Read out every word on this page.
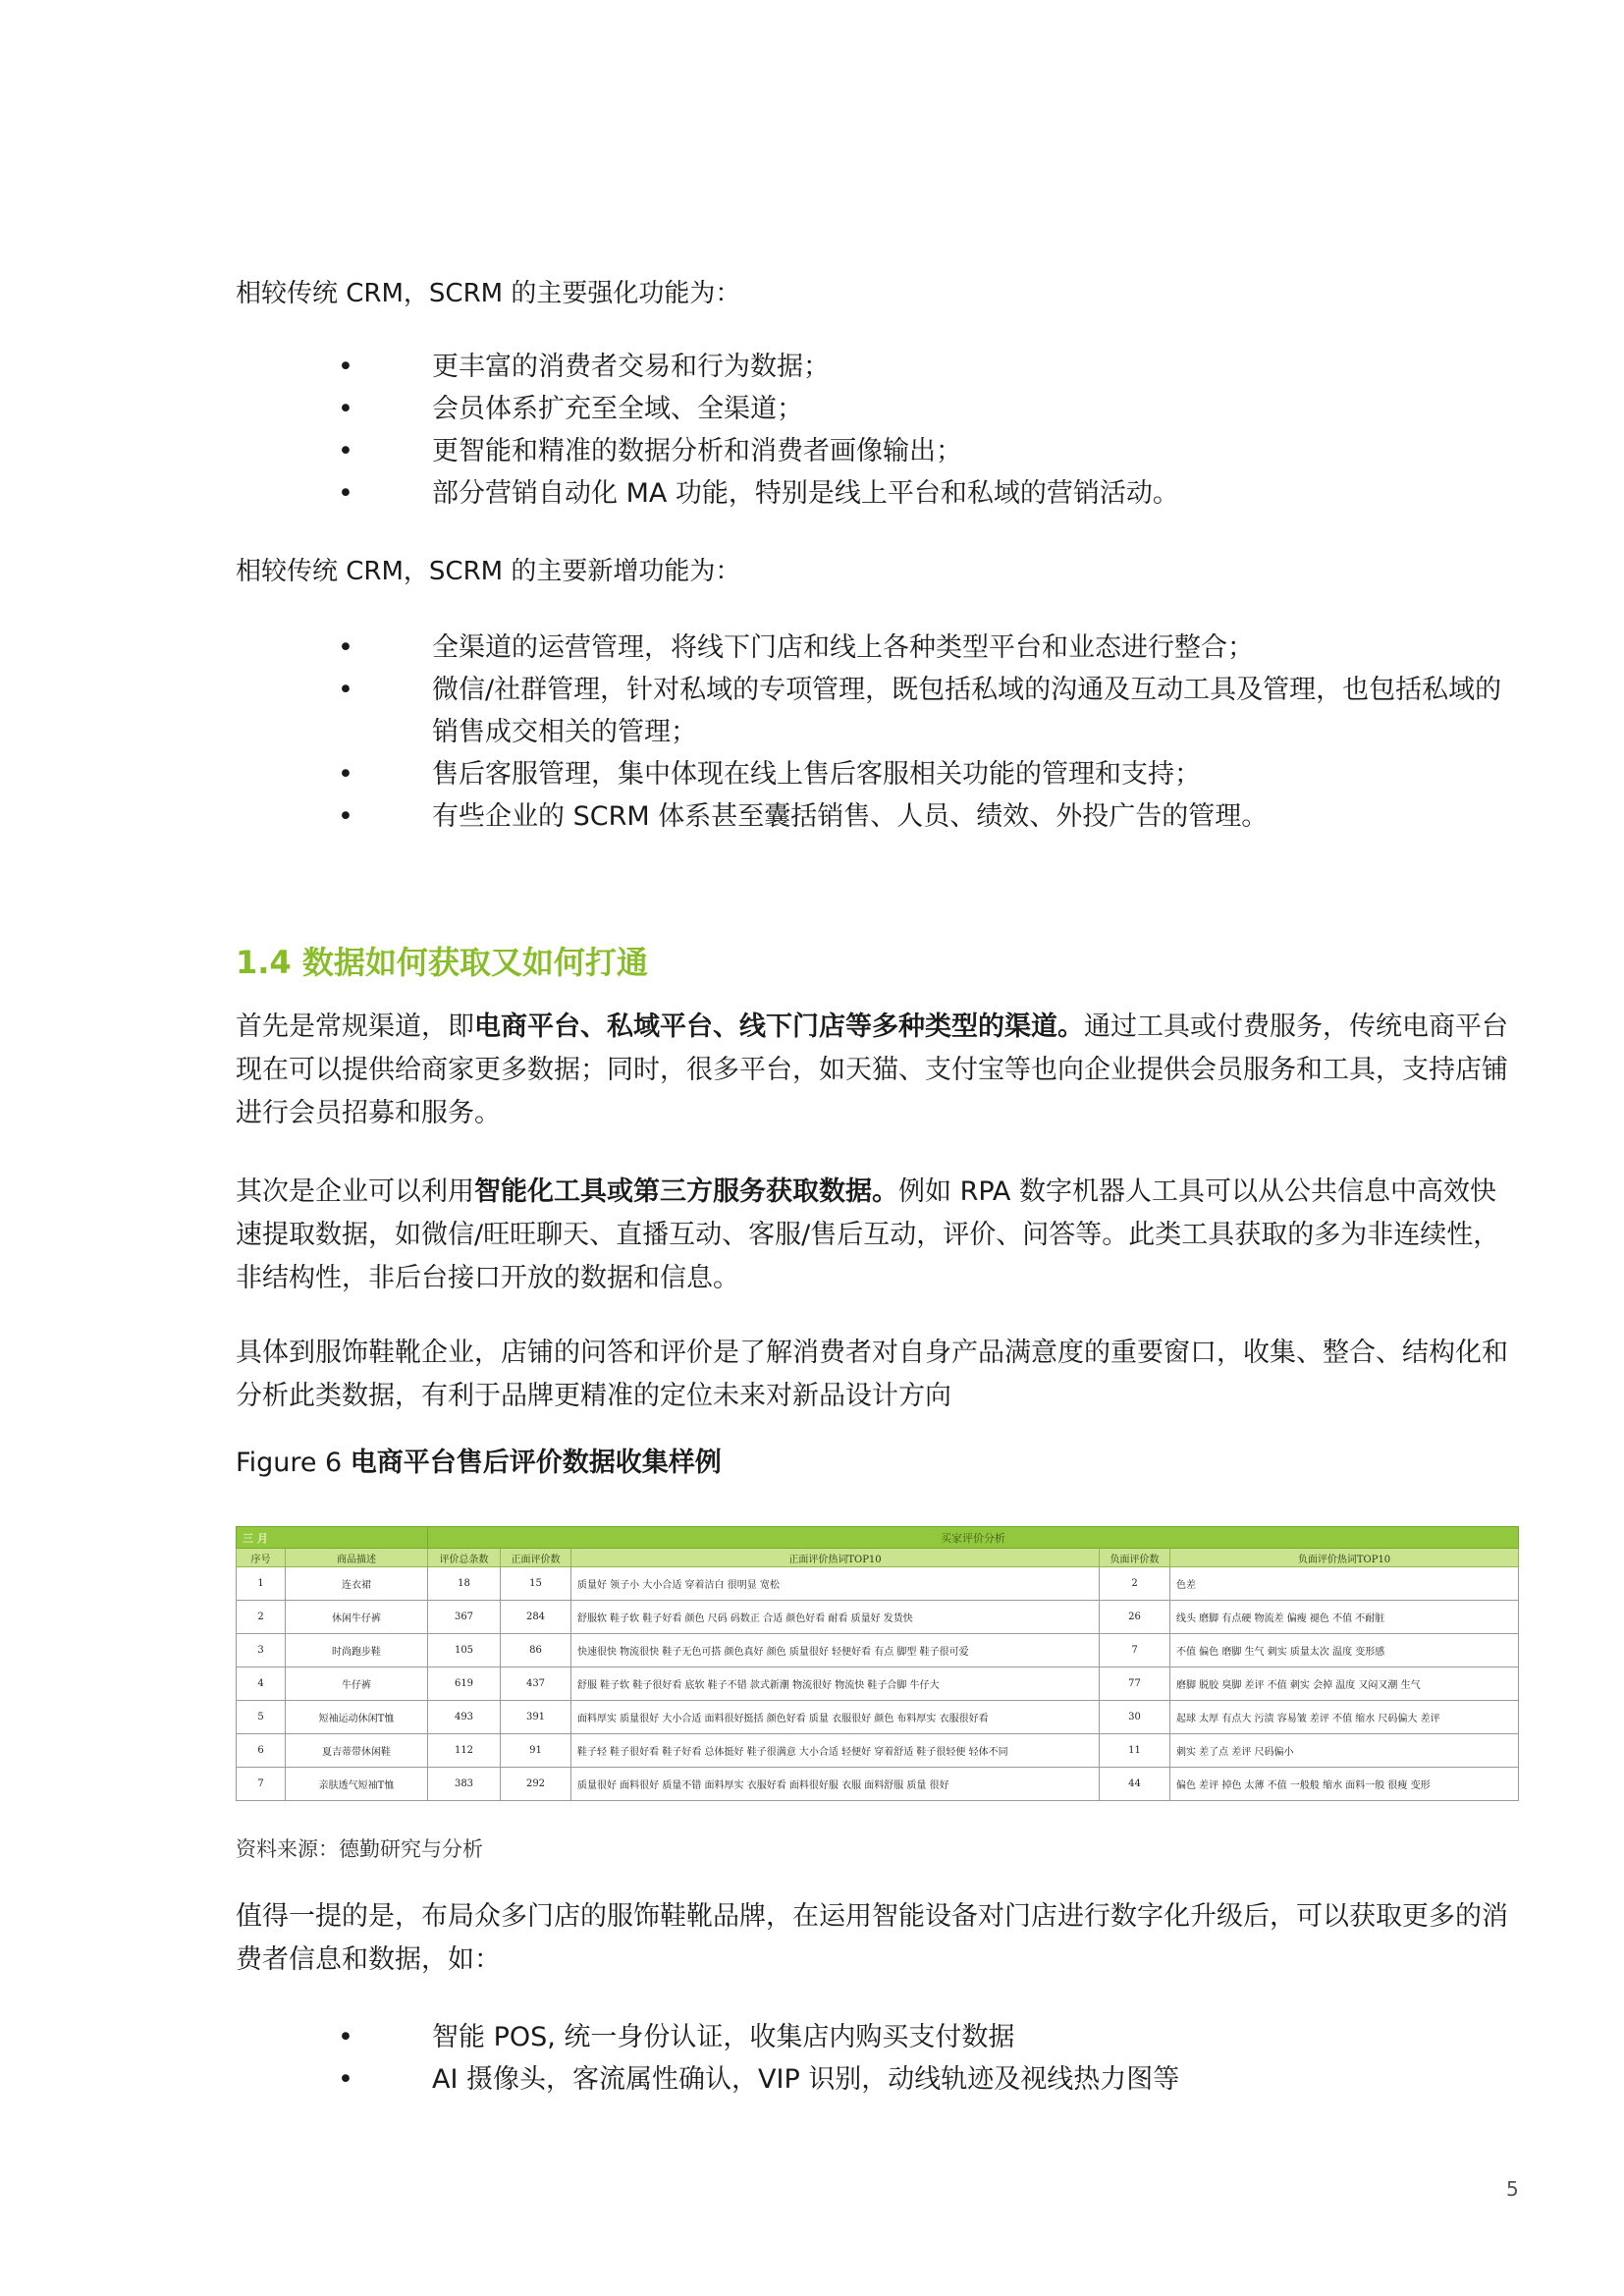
相较传统 CRM，SCRM 的主要强化功能为：

•	更丰富的消费者交易和行为数据；
•	会员体系扩充至全域、全渠道；
•	更智能和精准的数据分析和消费者画像输出；
•	部分营销自动化 MA 功能，特别是线上平台和私域的营销活动。

相较传统 CRM，SCRM 的主要新增功能为：

•	全渠道的运营管理，将线下门店和线上各种类型平台和业态进行整合；
•	微信/社群管理，针对私域的专项管理，既包括私域的沟通及互动工具及管理，也包括私域的销售成交相关的管理；
•	售后客服管理，集中体现在线上售后客服相关功能的管理和支持；
•	有些企业的 SCRM 体系甚至囊括销售、人员、绩效、外投广告的管理。
1.4 数据如何获取又如何打通

首先是常规渠道，即电商平台、私域平台、线下门店等多种类型的渠道。通过工具或付费服务，传统电商平台现在可以提供给商家更多数据；同时，很多平台，如天猫、支付宝等也向企业提供会员服务和工具，支持店铺进行会员招募和服务。

其次是企业可以利用智能化工具或第三方服务获取数据。例如 RPA 数字机器人工具可以从公共信息中高效快速提取数据，如微信/旺旺聊天、直播互动、客服/售后互动，评价、问答等。此类工具获取的多为非连续性，非结构性，非后台接口开放的数据和信息。

具体到服饰鞋靴企业，店铺的问答和评价是了解消费者对自身产品满意度的重要窗口，收集、整合、结构化和分析此类数据，有利于品牌更精准的定位未来对新品设计方向

Figure 6 电商平台售后评价数据收集样例

资料来源：德勤研究与分析

值得一提的是，布局众多门店的服饰鞋靴品牌，在运用智能设备对门店进行数字化升级后，可以获取更多的消费者信息和数据，如：

•	智能 POS, 统一身份认证，收集店内购买支付数据
•	AI 摄像头，客流属性确认，VIP 识别，动线轨迹及视线热力图等
三 月		买家评价分析				
序号	商品描述	评价总条数	正面评价数	正面评价热词TOP10	负面评价数	负面评价热词TOP10
1	连衣裙	18	15	质量好 领子小 大小合适 穿着洁白 很明显 宽松	2	色差
2	休闲牛仔裤	367	284	舒服软 鞋子软 鞋子好看 颜色 尺码 码数正 合适 颜色好看 耐看 质量好 发货快	26	线头 磨脚 有点硬 物流差 偏瘦 褪色 不值 不耐脏
3	时尚跑步鞋	105	86	快速很快 物流很快 鞋子无色可搭 颜色真好 颜色 质量很好 轻便好看 有点 脚型 鞋子很可爱	7	不值 偏色 磨脚 生气 刺实 质量太次 温度 变形感
4	牛仔裤	619	437	舒服 鞋子软 鞋子很好看 底软 鞋子不错 款式新潮 物流很好 物流快 鞋子合脚 牛仔大	77	磨脚 脱胶 臭脚 差评 不值 刺实 会掉 温度 又闷又潮 生气
5	短袖运动休闲T恤	493	391	面料厚实 质量很好 大小合适 面料很好挺括 颜色好看 质量 衣服很好 颜色 布料厚实 衣服很好看	30	起球 太厚 有点大 污渍 容易皱 差评 不值 缩水 尺码偏大 差评
6	夏吉蒂带休闲鞋	112	91	鞋子轻 鞋子很好看 鞋子好看 总体挺好 鞋子很满意 大小合适 轻便好 穿着舒适 鞋子很轻便 轻体不同	11	刺实 差了点 差评 尺码偏小
7	亲肤透气短袖T恤	383	292	质量很好 面料很好 质量不错 面料厚实 衣服好看 面料很好服 衣服 面料舒服 质量 很好	44	偏色 差评 掉色 太薄 不值 一般般 缩水 面料一般 很瘦 变形
5
